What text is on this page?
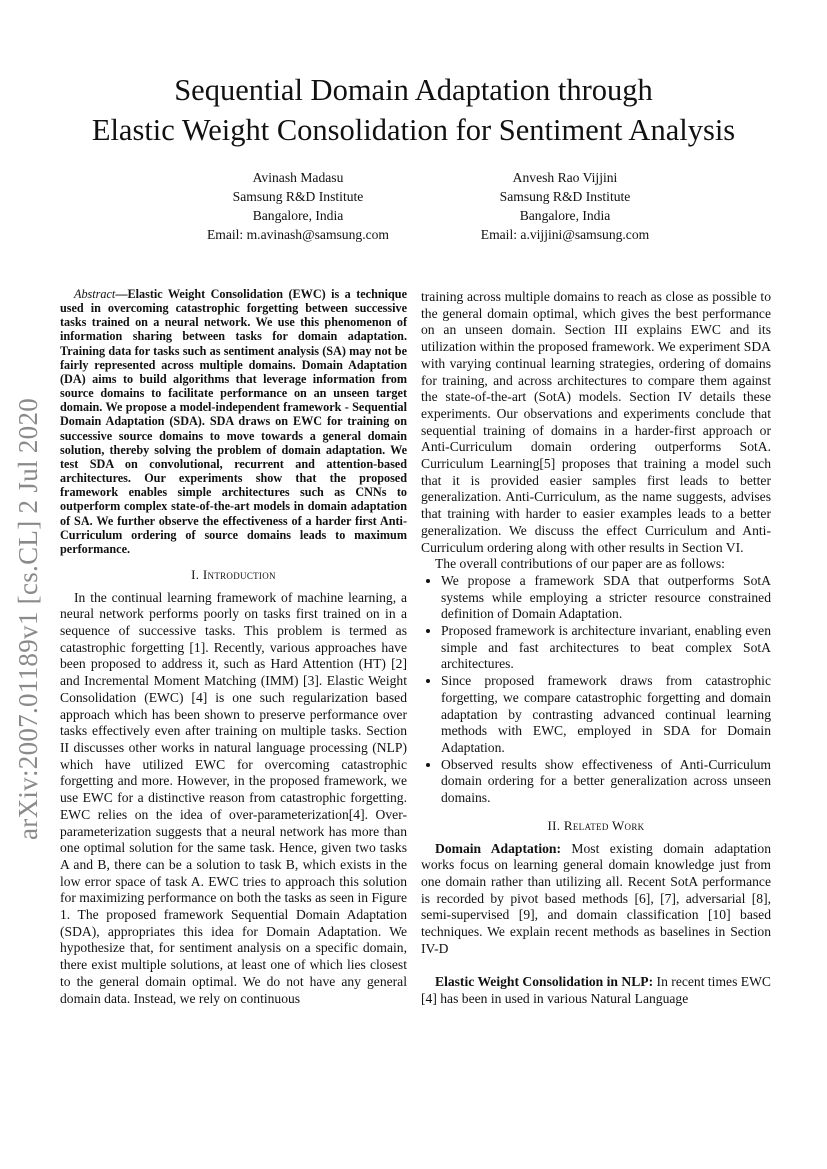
arXiv:2007.01189v1 [cs.CL] 2 Jul 2020
Sequential Domain Adaptation through
Elastic Weight Consolidation for Sentiment Analysis
Avinash Madasu
Samsung R&D Institute
Bangalore, India
Email: m.avinash@samsung.com
Anvesh Rao Vijjini
Samsung R&D Institute
Bangalore, India
Email: a.vijjini@samsung.com

Abstract—Elastic Weight Consolidation (EWC) is a technique used in overcoming catastrophic forgetting between successive tasks trained on a neural network. We use this phenomenon of information sharing between tasks for domain adaptation. Training data for tasks such as sentiment analysis (SA) may not be fairly represented across multiple domains. Domain Adaptation (DA) aims to build algorithms that leverage information from source domains to facilitate performance on an unseen target domain. We propose a model-independent framework - Sequential Domain Adaptation (SDA). SDA draws on EWC for training on successive source domains to move towards a general domain solution, thereby solving the problem of domain adaptation. We test SDA on convolutional, recurrent and attention-based architectures. Our experiments show that the proposed framework enables simple architectures such as CNNs to outperform complex state-of-the-art models in domain adaptation of SA. We further observe the effectiveness of a harder first Anti-Curriculum ordering of source domains leads to maximum performance.

I. Introduction

In the continual learning framework of machine learning, a neural network performs poorly on tasks first trained on in a sequence of successive tasks. This problem is termed as catastrophic forgetting [1]. Recently, various approaches have been proposed to address it, such as Hard Attention (HT) [2] and Incremental Moment Matching (IMM) [3]. Elastic Weight Consolidation (EWC) [4] is one such regularization based approach which has been shown to preserve performance over tasks effectively even after training on multiple tasks. Section II discusses other works in natural language processing (NLP) which have utilized EWC for overcoming catastrophic forgetting and more. However, in the proposed framework, we use EWC for a distinctive reason from catastrophic forgetting. EWC relies on the idea of over-parameterization[4]. Over-parameterization suggests that a neural network has more than one optimal solution for the same task. Hence, given two tasks A and B, there can be a solution to task B, which exists in the low error space of task A. EWC tries to approach this solution for maximizing performance on both the tasks as seen in Figure 1. The proposed framework Sequential Domain Adaptation (SDA), appropriates this idea for Domain Adaptation. We hypothesize that, for sentiment analysis on a specific domain, there exist multiple solutions, at least one of which lies closest to the general domain optimal. We do not have any general domain data. Instead, we rely on continuous

training across multiple domains to reach as close as possible to the general domain optimal, which gives the best performance on an unseen domain. Section III explains EWC and its utilization within the proposed framework. We experiment SDA with varying continual learning strategies, ordering of domains for training, and across architectures to compare them against the state-of-the-art (SotA) models. Section IV details these experiments. Our observations and experiments conclude that sequential training of domains in a harder-first approach or Anti-Curriculum domain ordering outperforms SotA. Curriculum Learning[5] proposes that training a model such that it is provided easier samples first leads to better generalization. Anti-Curriculum, as the name suggests, advises that training with harder to easier examples leads to a better generalization. We discuss the effect Curriculum and Anti-Curriculum ordering along with other results in Section VI.

The overall contributions of our paper are as follows:

• We propose a framework SDA that outperforms SotA systems while employing a stricter resource constrained definition of Domain Adaptation.
• Proposed framework is architecture invariant, enabling even simple and fast architectures to beat complex SotA architectures.
• Since proposed framework draws from catastrophic forgetting, we compare catastrophic forgetting and domain adaptation by contrasting advanced continual learning methods with EWC, employed in SDA for Domain Adaptation.
• Observed results show effectiveness of Anti-Curriculum domain ordering for a better generalization across unseen domains.
II. Related Work

Domain Adaptation: Most existing domain adaptation works focus on learning general domain knowledge just from one domain rather than utilizing all. Recent SotA performance is recorded by pivot based methods [6], [7], adversarial [8], semi-supervised [9], and domain classification [10] based techniques. We explain recent methods as baselines in Section IV-D

Elastic Weight Consolidation in NLP: In recent times EWC [4] has been in used in various Natural Language
